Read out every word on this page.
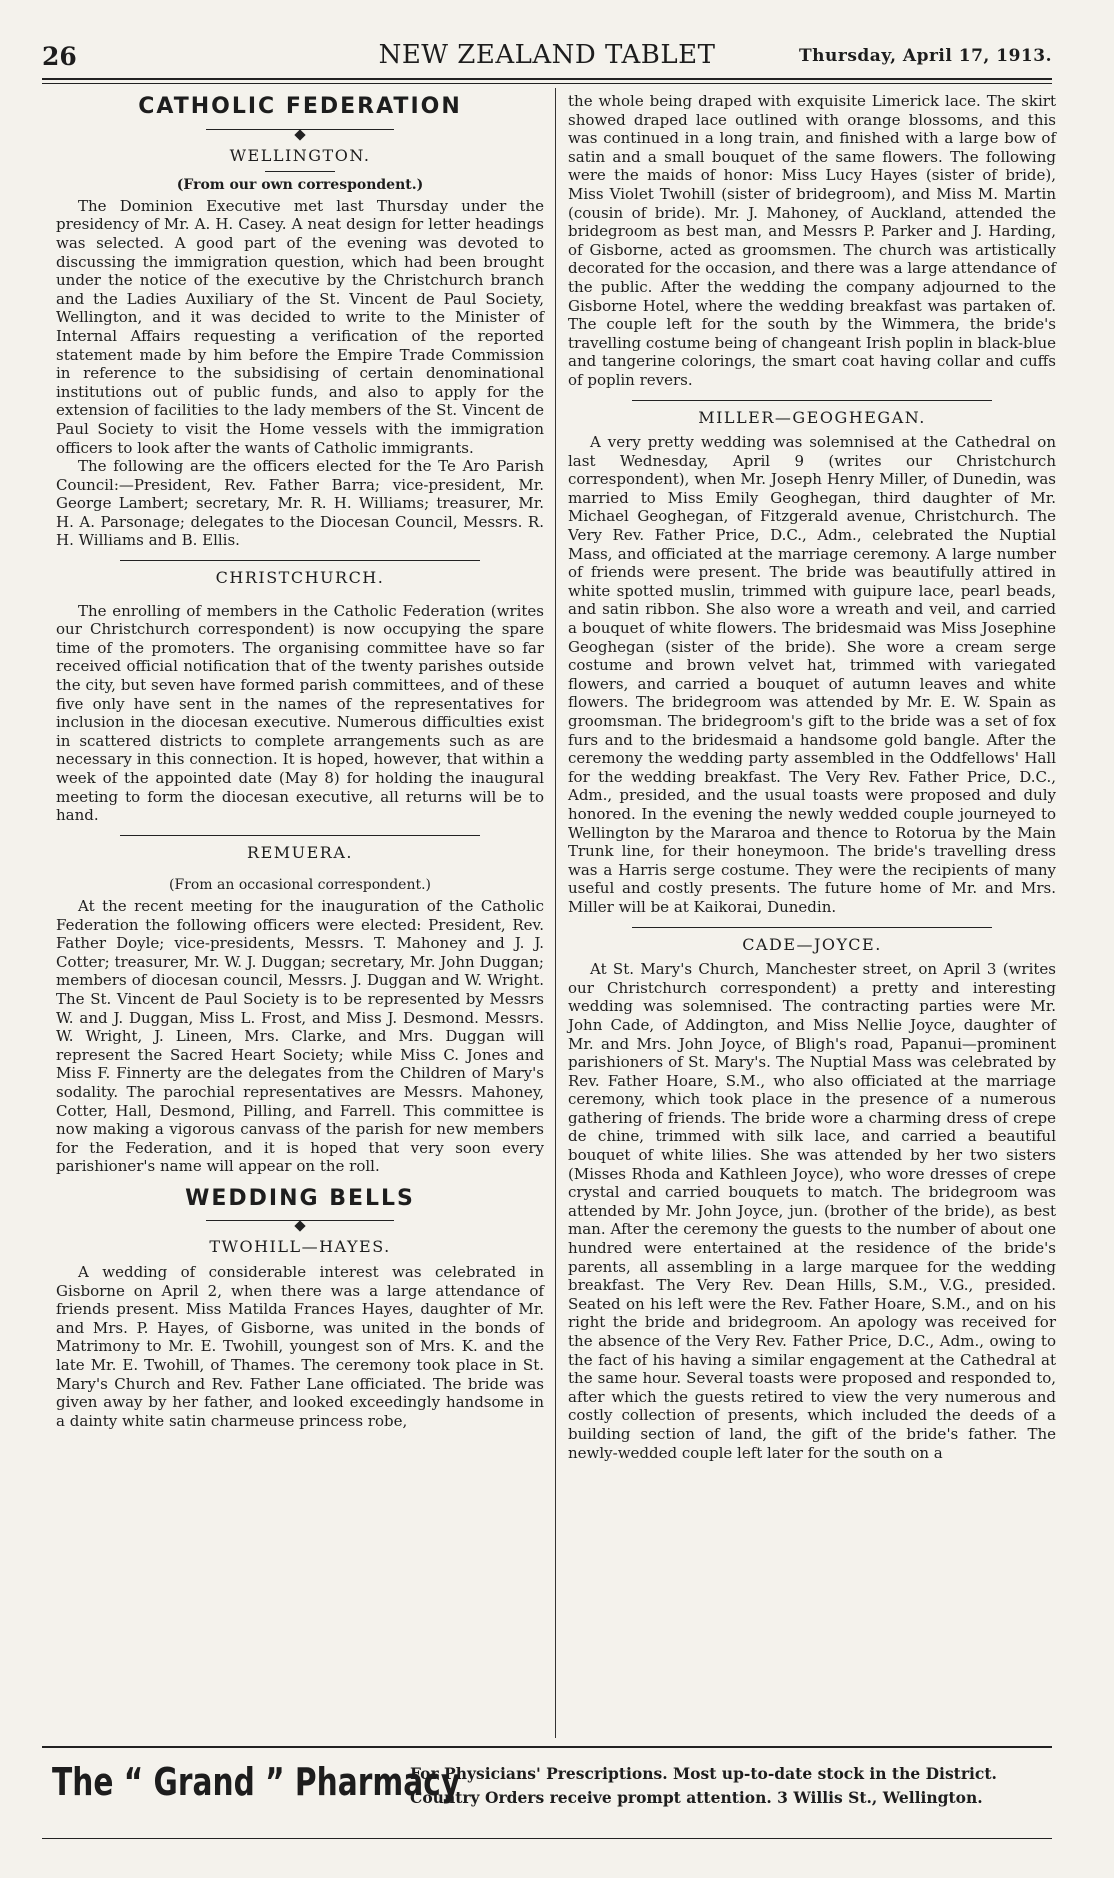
26	NEW ZEALAND TABLET	Thursday, April 17, 1913.
CATHOLIC FEDERATION
WELLINGTON.
(From our own correspondent.)

The Dominion Executive met last Thursday under the presidency of Mr. A. H. Casey. A neat design for letter headings was selected. A good part of the evening was devoted to discussing the immigration question, which had been brought under the notice of the executive by the Christchurch branch and the Ladies Auxiliary of the St. Vincent de Paul Society, Wellington, and it was decided to write to the Minister of Internal Affairs requesting a verification of the reported statement made by him before the Empire Trade Commission in reference to the subsidising of certain denominational institutions out of public funds, and also to apply for the extension of facilities to the lady members of the St. Vincent de Paul Society to visit the Home vessels with the immigration officers to look after the wants of Catholic immigrants.

The following are the officers elected for the Te Aro Parish Council:—President, Rev. Father Barra; vice-president, Mr. George Lambert; secretary, Mr. R. H. Williams; treasurer, Mr. H. A. Parsonage; delegates to the Diocesan Council, Messrs. R. H. Williams and B. Ellis.

CHRISTCHURCH.

The enrolling of members in the Catholic Federation (writes our Christchurch correspondent) is now occupying the spare time of the promoters. The organising committee have so far received official notification that of the twenty parishes outside the city, but seven have formed parish committees, and of these five only have sent in the names of the representatives for inclusion in the diocesan executive. Numerous difficulties exist in scattered districts to complete arrangements such as are necessary in this connection. It is hoped, however, that within a week of the appointed date (May 8) for holding the inaugural meeting to form the diocesan executive, all returns will be to hand.

REMUERA.
(From an occasional correspondent.)

At the recent meeting for the inauguration of the Catholic Federation the following officers were elected: President, Rev. Father Doyle; vice-presidents, Messrs. T. Mahoney and J. J. Cotter; treasurer, Mr. W. J. Duggan; secretary, Mr. John Duggan; members of diocesan council, Messrs. J. Duggan and W. Wright. The St. Vincent de Paul Society is to be represented by Messrs W. and J. Duggan, Miss L. Frost, and Miss J. Desmond. Messrs. W. Wright, J. Lineen, Mrs. Clarke, and Mrs. Duggan will represent the Sacred Heart Society; while Miss C. Jones and Miss F. Finnerty are the delegates from the Children of Mary's sodality. The parochial representatives are Messrs. Mahoney, Cotter, Hall, Desmond, Pilling, and Farrell. This committee is now making a vigorous canvass of the parish for new members for the Federation, and it is hoped that very soon every parishioner's name will appear on the roll.

WEDDING BELLS
TWOHILL—HAYES.

A wedding of considerable interest was celebrated in Gisborne on April 2, when there was a large attendance of friends present. Miss Matilda Frances Hayes, daughter of Mr. and Mrs. P. Hayes, of Gisborne, was united in the bonds of Matrimony to Mr. E. Twohill, youngest son of Mrs. K. and the late Mr. E. Twohill, of Thames. The ceremony took place in St. Mary's Church and Rev. Father Lane officiated. The bride was given away by her father, and looked exceedingly handsome in a dainty white satin charmeuse princess robe,

the whole being draped with exquisite Limerick lace. The skirt showed draped lace outlined with orange blossoms, and this was continued in a long train, and finished with a large bow of satin and a small bouquet of the same flowers. The following were the maids of honor: Miss Lucy Hayes (sister of bride), Miss Violet Twohill (sister of bridegroom), and Miss M. Martin (cousin of bride). Mr. J. Mahoney, of Auckland, attended the bridegroom as best man, and Messrs P. Parker and J. Harding, of Gisborne, acted as groomsmen. The church was artistically decorated for the occasion, and there was a large attendance of the public. After the wedding the company adjourned to the Gisborne Hotel, where the wedding breakfast was partaken of. The couple left for the south by the Wimmera, the bride's travelling costume being of changeant Irish poplin in black-blue and tangerine colorings, the smart coat having collar and cuffs of poplin revers.

MILLER—GEOGHEGAN.

A very pretty wedding was solemnised at the Cathedral on last Wednesday, April 9 (writes our Christchurch correspondent), when Mr. Joseph Henry Miller, of Dunedin, was married to Miss Emily Geoghegan, third daughter of Mr. Michael Geoghegan, of Fitzgerald avenue, Christchurch. The Very Rev. Father Price, D.C., Adm., celebrated the Nuptial Mass, and officiated at the marriage ceremony. A large number of friends were present. The bride was beautifully attired in white spotted muslin, trimmed with guipure lace, pearl beads, and satin ribbon. She also wore a wreath and veil, and carried a bouquet of white flowers. The bridesmaid was Miss Josephine Geoghegan (sister of the bride). She wore a cream serge costume and brown velvet hat, trimmed with variegated flowers, and carried a bouquet of autumn leaves and white flowers. The bridegroom was attended by Mr. E. W. Spain as groomsman. The bridegroom's gift to the bride was a set of fox furs and to the bridesmaid a handsome gold bangle. After the ceremony the wedding party assembled in the Oddfellows' Hall for the wedding breakfast. The Very Rev. Father Price, D.C., Adm., presided, and the usual toasts were proposed and duly honored. In the evening the newly wedded couple journeyed to Wellington by the Mararoa and thence to Rotorua by the Main Trunk line, for their honeymoon. The bride's travelling dress was a Harris serge costume. They were the recipients of many useful and costly presents. The future home of Mr. and Mrs. Miller will be at Kaikorai, Dunedin.

CADE—JOYCE.

At St. Mary's Church, Manchester street, on April 3 (writes our Christchurch correspondent) a pretty and interesting wedding was solemnised. The contracting parties were Mr. John Cade, of Addington, and Miss Nellie Joyce, daughter of Mr. and Mrs. John Joyce, of Bligh's road, Papanui—prominent parishioners of St. Mary's. The Nuptial Mass was celebrated by Rev. Father Hoare, S.M., who also officiated at the marriage ceremony, which took place in the presence of a numerous gathering of friends. The bride wore a charming dress of crepe de chine, trimmed with silk lace, and carried a beautiful bouquet of white lilies. She was attended by her two sisters (Misses Rhoda and Kathleen Joyce), who wore dresses of crepe crystal and carried bouquets to match. The bridegroom was attended by Mr. John Joyce, jun. (brother of the bride), as best man. After the ceremony the guests to the number of about one hundred were entertained at the residence of the bride's parents, all assembling in a large marquee for the wedding breakfast. The Very Rev. Dean Hills, S.M., V.G., presided. Seated on his left were the Rev. Father Hoare, S.M., and on his right the bride and bridegroom. An apology was received for the absence of the Very Rev. Father Price, D.C., Adm., owing to the fact of his having a similar engagement at the Cathedral at the same hour. Several toasts were proposed and responded to, after which the guests retired to view the very numerous and costly collection of presents, which included the deeds of a building section of land, the gift of the bride's father. The newly-wedded couple left later for the south on a

The “ Grand ” Pharmacy
For Physicians' Prescriptions. Most up-to-date stock in the District.
Country Orders receive prompt attention. 3 Willis St., Wellington.
